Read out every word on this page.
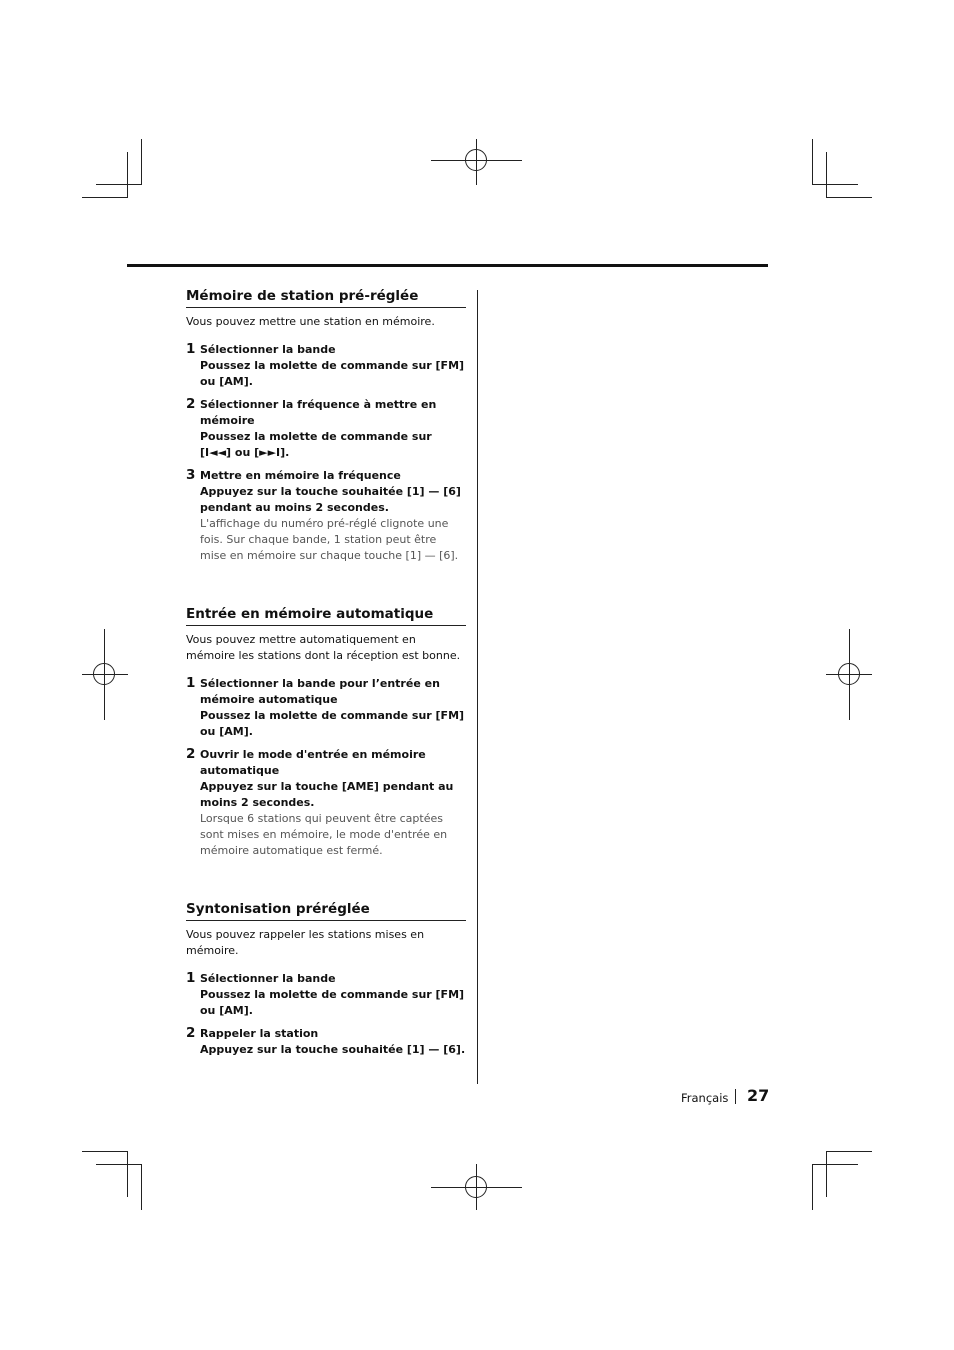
Mémoire de station pré-réglée
Vous pouvez mettre une station en mémoire.
1 Sélectionner la bande
Poussez la molette de commande sur [FM] ou [AM].
2 Sélectionner la fréquence à mettre en mémoire
Poussez la molette de commande sur [I◄◄] ou [►►I].
3 Mettre en mémoire la fréquence
Appuyez sur la touche souhaitée [1] — [6] pendant au moins 2 secondes.
L'affichage du numéro pré-réglé clignote une fois. Sur chaque bande, 1 station peut être mise en mémoire sur chaque touche [1] — [6].
Entrée en mémoire automatique
Vous pouvez mettre automatiquement en mémoire les stations dont la réception est bonne.
1 Sélectionner la bande pour l’entrée en mémoire automatique
Poussez la molette de commande sur [FM] ou [AM].
2 Ouvrir le mode d'entrée en mémoire automatique
Appuyez sur la touche [AME] pendant au moins 2 secondes.
Lorsque 6 stations qui peuvent être captées sont mises en mémoire, le mode d'entrée en mémoire automatique est fermé.
Syntonisation préréglée
Vous pouvez rappeler les stations mises en mémoire.
1 Sélectionner la bande
Poussez la molette de commande sur [FM] ou [AM].
2 Rappeler la station
Appuyez sur la touche souhaitée [1] — [6].
Français 27
